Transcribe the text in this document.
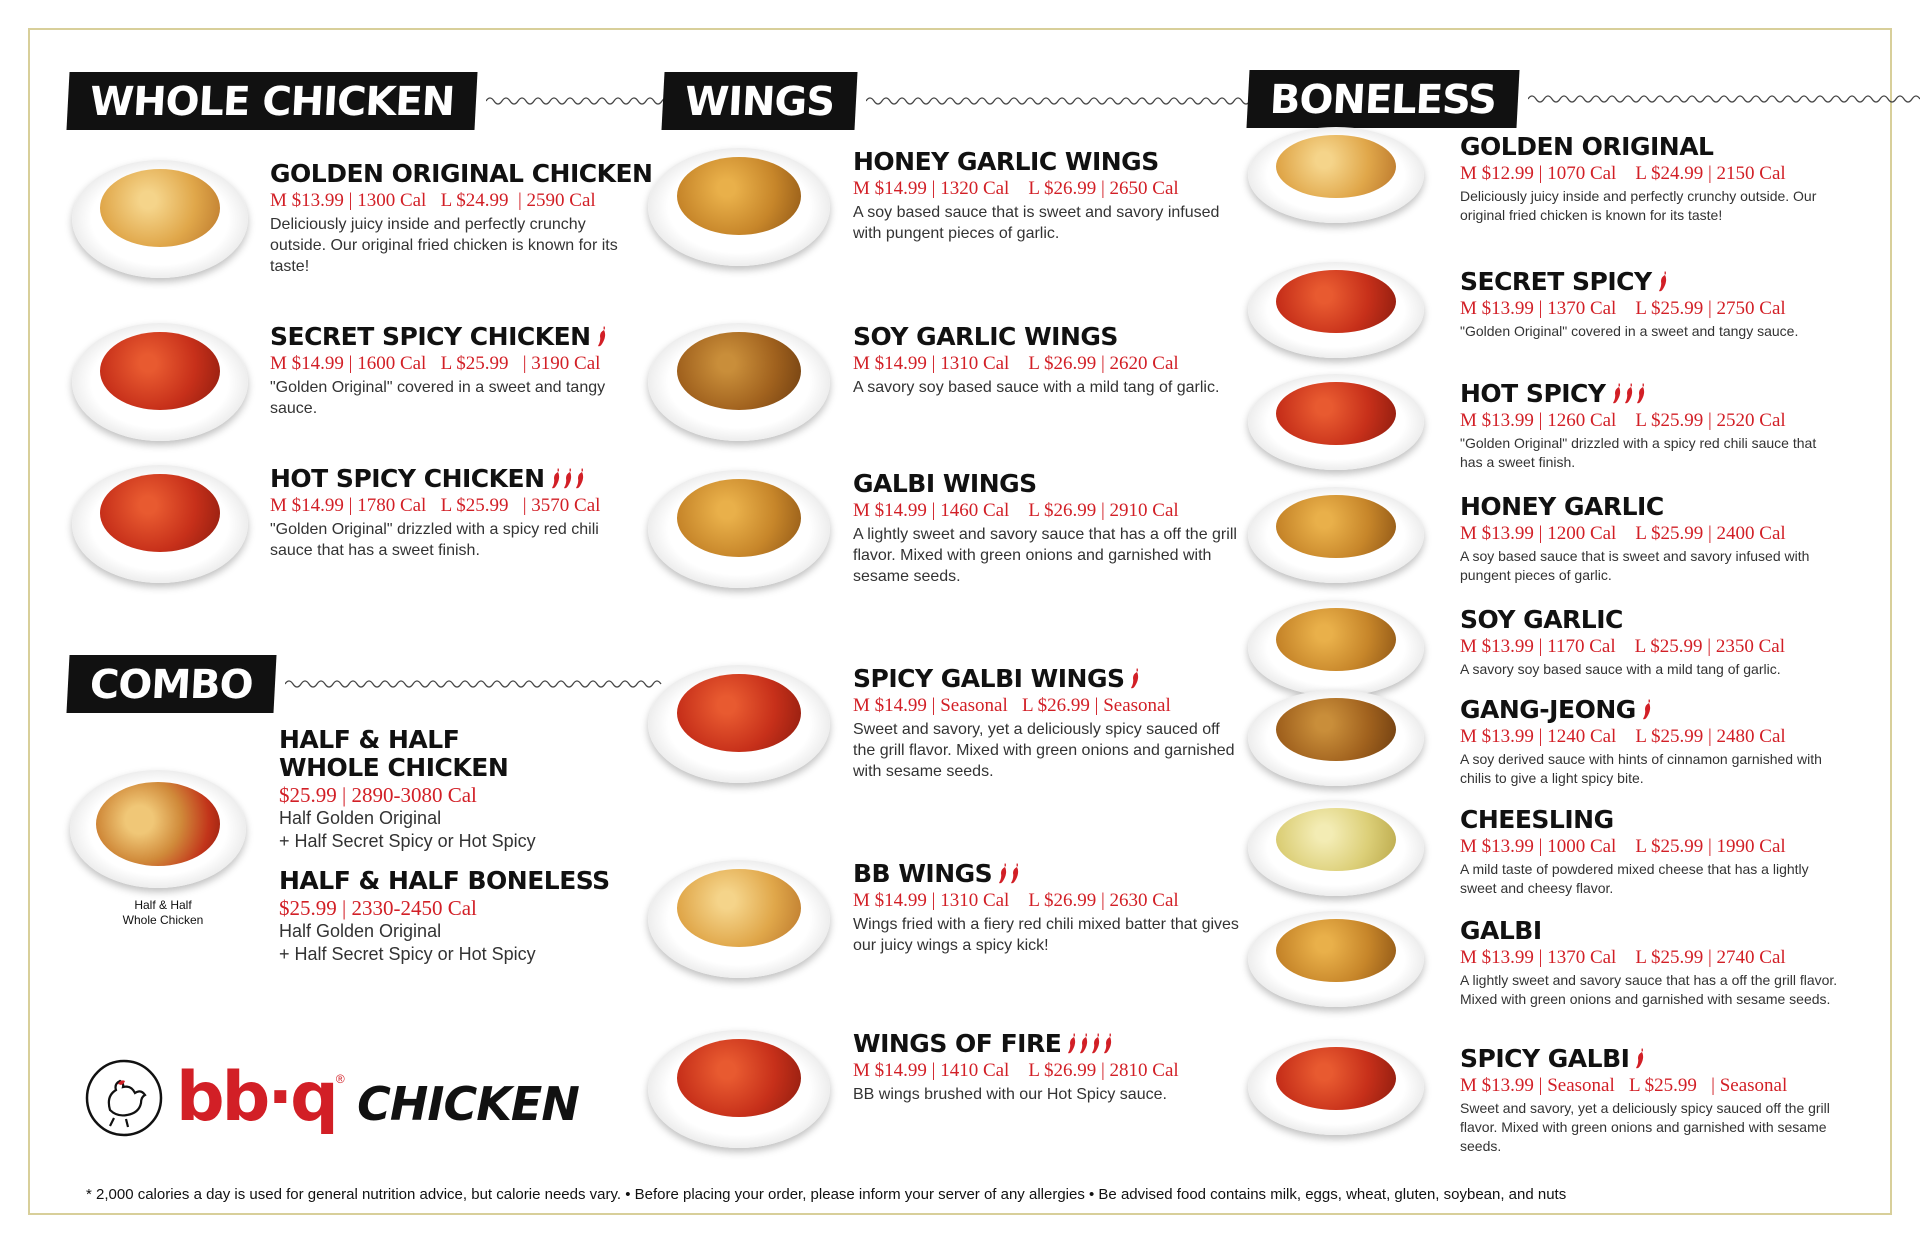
WHOLE CHICKEN	WINGS	BONELESS
COMBO
GOLDEN ORIGINAL CHICKEN
M $13.99 | 1300 Cal   L $24.99  | 2590 Cal
Deliciously juicy inside and perfectly crunchy outside. Our original fried chicken is known for its taste!
SECRET SPICY CHICKEN
M $14.99 | 1600 Cal   L $25.99   | 3190 Cal
"Golden Original" covered in a sweet and tangy sauce.
HOT SPICY CHICKEN
M $14.99 | 1780 Cal   L $25.99   | 3570 Cal
"Golden Original" drizzled with a spicy red chili sauce that has a sweet finish.
HONEY GARLIC WINGS
M $14.99 | 1320 Cal    L $26.99 | 2650 Cal
A soy based sauce that is sweet and savory infused with pungent pieces of garlic.
SOY GARLIC WINGS
M $14.99 | 1310 Cal    L $26.99 | 2620 Cal
A savory soy based sauce with a mild tang of garlic.
GALBI WINGS
M $14.99 | 1460 Cal    L $26.99 | 2910 Cal
A lightly sweet and savory sauce that has a off the grill flavor. Mixed with green onions and garnished with sesame seeds.
SPICY GALBI WINGS
M $14.99 | Seasonal   L $26.99 | Seasonal
Sweet and savory, yet a deliciously spicy sauced off the grill flavor. Mixed with green onions and garnished with sesame seeds.
BB WINGS
M $14.99 | 1310 Cal    L $26.99 | 2630 Cal
Wings fried with a fiery red chili mixed batter that gives our juicy wings a spicy kick!
WINGS OF FIRE
M $14.99 | 1410 Cal    L $26.99 | 2810 Cal
BB wings brushed with our Hot Spicy sauce.
GOLDEN ORIGINAL
M $12.99 | 1070 Cal    L $24.99 | 2150 Cal
Deliciously juicy inside and perfectly crunchy outside. Our original fried chicken is known for its taste!
SECRET SPICY
M $13.99 | 1370 Cal    L $25.99 | 2750 Cal
"Golden Original" covered in a sweet and tangy sauce.
HOT SPICY
M $13.99 | 1260 Cal    L $25.99 | 2520 Cal
"Golden Original" drizzled with a spicy red chili sauce that has a sweet finish.
HONEY GARLIC
M $13.99 | 1200 Cal    L $25.99 | 2400 Cal
A soy based sauce that is sweet and savory infused with pungent pieces of garlic.
SOY GARLIC
M $13.99 | 1170 Cal    L $25.99 | 2350 Cal
A savory soy based sauce with a mild tang of garlic.
GANG-JEONG
M $13.99 | 1240 Cal    L $25.99 | 2480 Cal
A soy derived sauce with hints of cinnamon garnished with chilis to give a light spicy bite.
CHEESLING
M $13.99 | 1000 Cal    L $25.99 | 1990 Cal
A mild taste of powdered mixed cheese that has a lightly sweet and cheesy flavor.
GALBI
M $13.99 | 1370 Cal    L $25.99 | 2740 Cal
A lightly sweet and savory sauce that has a off the grill flavor. Mixed with green onions and garnished with sesame seeds.
SPICY GALBI
M $13.99 | Seasonal   L $25.99   | Seasonal
Sweet and savory, yet a deliciously spicy sauced off the grill flavor. Mixed with green onions and garnished with sesame seeds.
Half & Half
Whole Chicken
HALF & HALF
WHOLE CHICKEN
$25.99 | 2890-3080 Cal
Half Golden Original
+ Half Secret Spicy or Hot Spicy
HALF & HALF BONELESS
$25.99 | 2330-2450 Cal
Half Golden Original
+ Half Secret Spicy or Hot Spicy
bb·q® CHICKEN
* 2,000 calories a day is used for general nutrition advice, but calorie needs vary. • Before placing your order, please inform your server of any allergies • Be advised food contains milk, eggs, wheat, gluten, soybean, and nuts
